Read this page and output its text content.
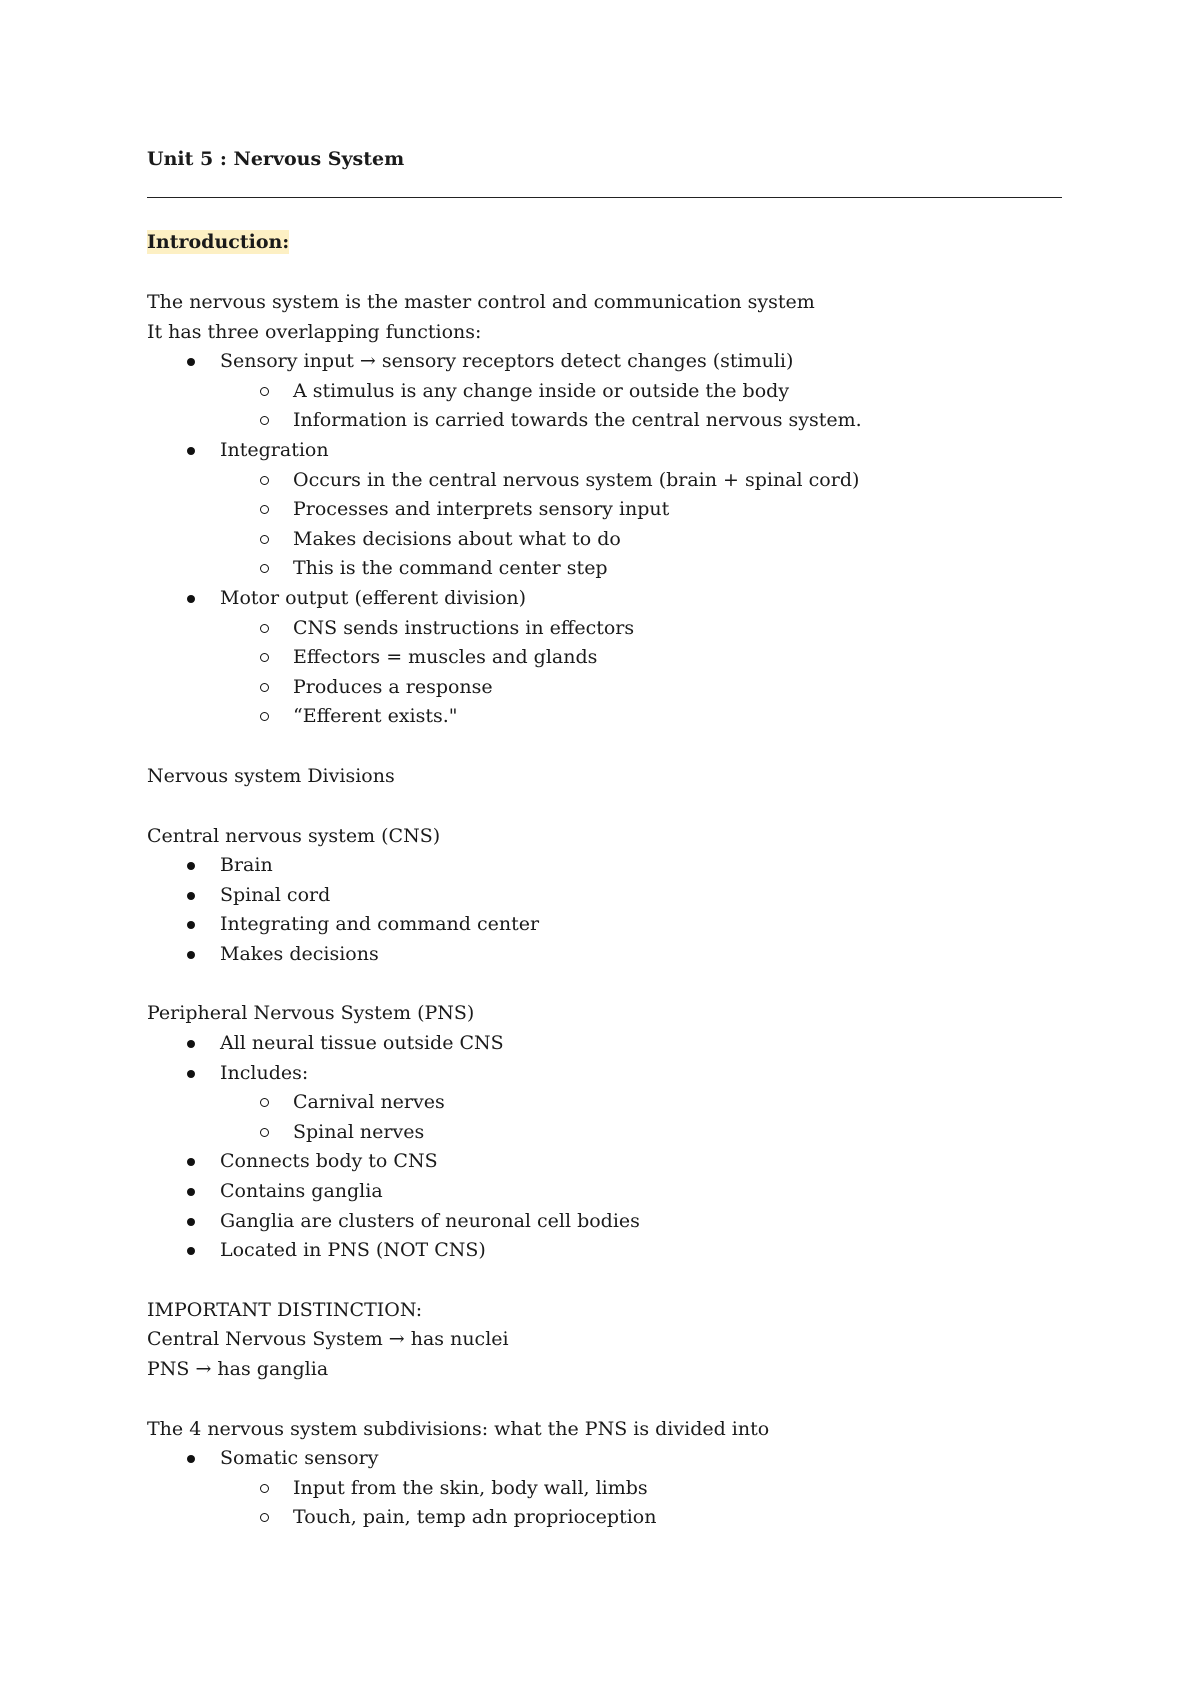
Unit 5 : Nervous System

Introduction:

The nervous system is the master control and communication system

It has three overlapping functions:

Sensory input → sensory receptors detect changes (stimuli)
A stimulus is any change inside or outside the body
Information is carried towards the central nervous system.
Integration
Occurs in the central nervous system (brain + spinal cord)
Processes and interprets sensory input
Makes decisions about what to do
This is the command center step
Motor output (efferent division)
CNS sends instructions in effectors
Effectors = muscles and glands
Produces a response
“Efferent exists."

Nervous system Divisions

Central nervous system (CNS)

Brain
Spinal cord
Integrating and command center
Makes decisions

Peripheral Nervous System (PNS)

All neural tissue outside CNS
Includes:
Carnival nerves
Spinal nerves
Connects body to CNS
Contains ganglia
Ganglia are clusters of neuronal cell bodies
Located in PNS (NOT CNS)

IMPORTANT DISTINCTION:

Central Nervous System → has nuclei

PNS → has ganglia

The 4 nervous system subdivisions: what the PNS is divided into

Somatic sensory
Input from the skin, body wall, limbs
Touch, pain, temp adn proprioception
